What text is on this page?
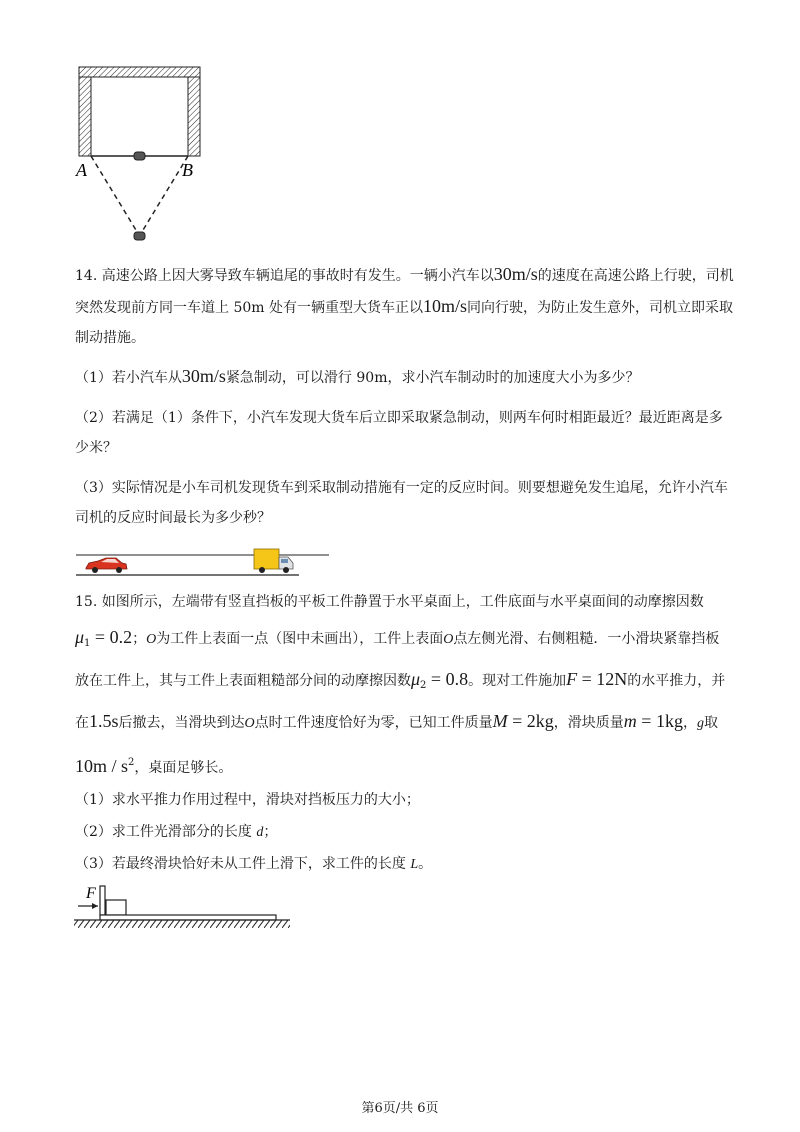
A	B
14. 高速公路上因大雾导致车辆追尾的事故时有发生。一辆小汽车以30m/s的速度在高速公路上行驶，司机
突然发现前方同一车道上 50m 处有一辆重型大货车正以10m/s同向行驶，为防止发生意外，司机立即采取
制动措施。
（1）若小汽车从30m/s紧急制动，可以滑行 90m，求小汽车制动时的加速度大小为多少？
（2）若满足（1）条件下，小汽车发现大货车后立即采取紧急制动，则两车何时相距最近？最近距离是多
少米？
（3）实际情况是小车司机发现货车到采取制动措施有一定的反应时间。则要想避免发生追尾，允许小汽车
司机的反应时间最长为多少秒？
15. 如图所示，左端带有竖直挡板的平板工件静置于水平桌面上，工件底面与水平桌面间的动摩擦因数
$\mu_1 = 0.2$；O为工件上表面一点（图中未画出），工件上表面O点左侧光滑、右侧粗糙．一小滑块紧靠挡板
放在工件上，其与工件上表面粗糙部分间的动摩擦因数$\mu_2 = 0.8$。现对工件施加F = 12N的水平推力，并
在1.5s后撤去，当滑块到达O点时工件速度恰好为零，已知工件质量M = 2kg，滑块质量m = 1kg，g取
$10m / s^2$，桌面足够长。
（1）求水平推力作用过程中，滑块对挡板压力的大小；
（2）求工件光滑部分的长度 d；
（3）若最终滑块恰好未从工件上滑下，求工件的长度 L。
F
第6页/共 6页
